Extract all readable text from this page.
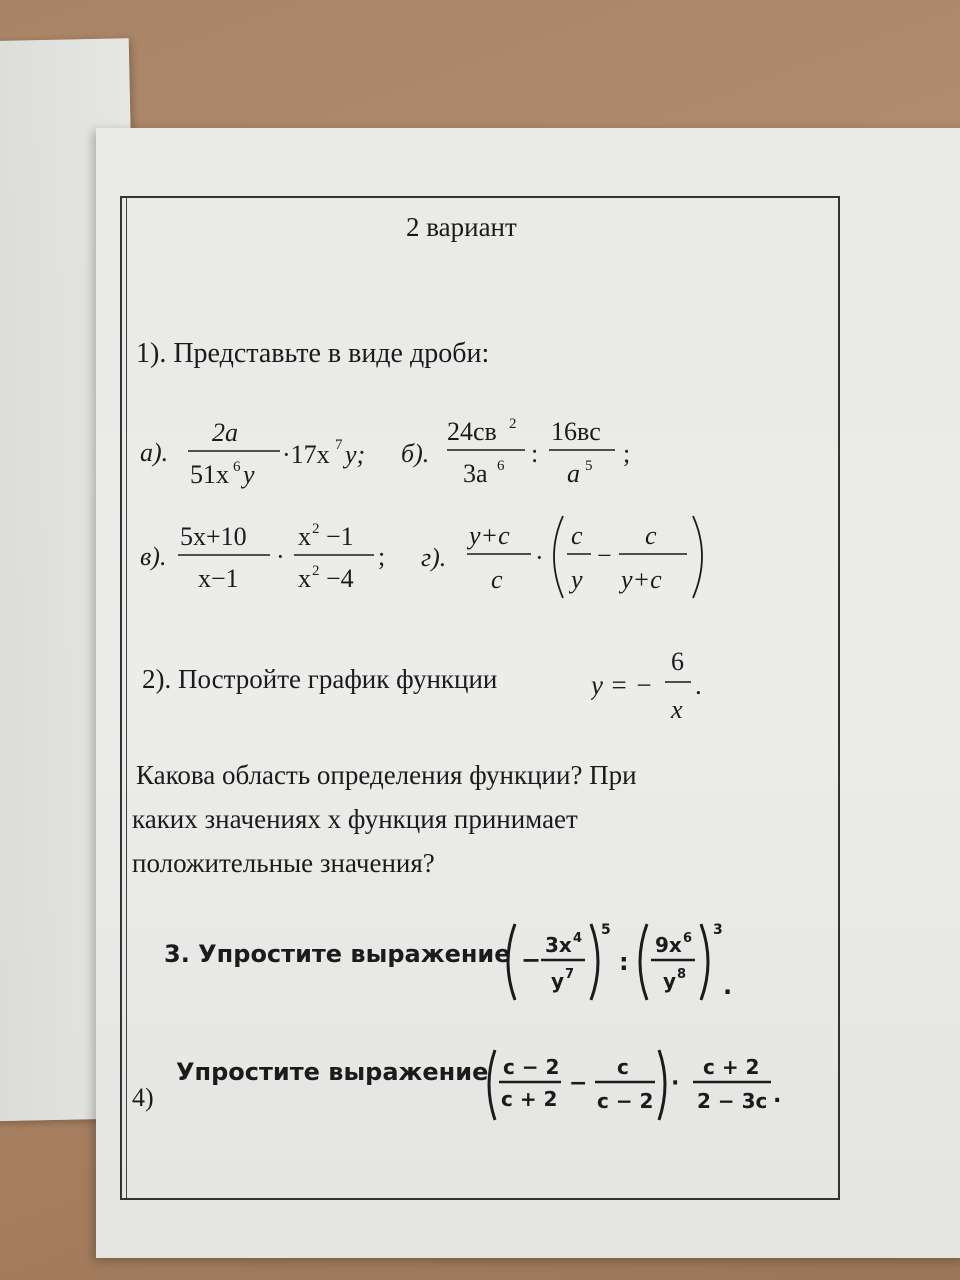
2 вариант
1). Представьте в виде дроби:
а).
2a
51x 6 y
·17x 7 y; б).
24cв 2
3a 6 :
16вc
a 5 ;
в).
5x+10
x−1
·
x 2 −1
x 2 −4
; г).
y+c
c
·
c
y
−
c
y+c
2). Постройте график функции	y = −
6
x
.
Какова область определения функции? При
каких значениях x функция принимает
положительные значения?
3. Упростите выражение −
3x 4
y 7
5
:
9x 6
y 8
3
.
4)
Упростите выражение c − 2
c + 2
−
c
c − 2
·
c + 2
2 − 3c .
